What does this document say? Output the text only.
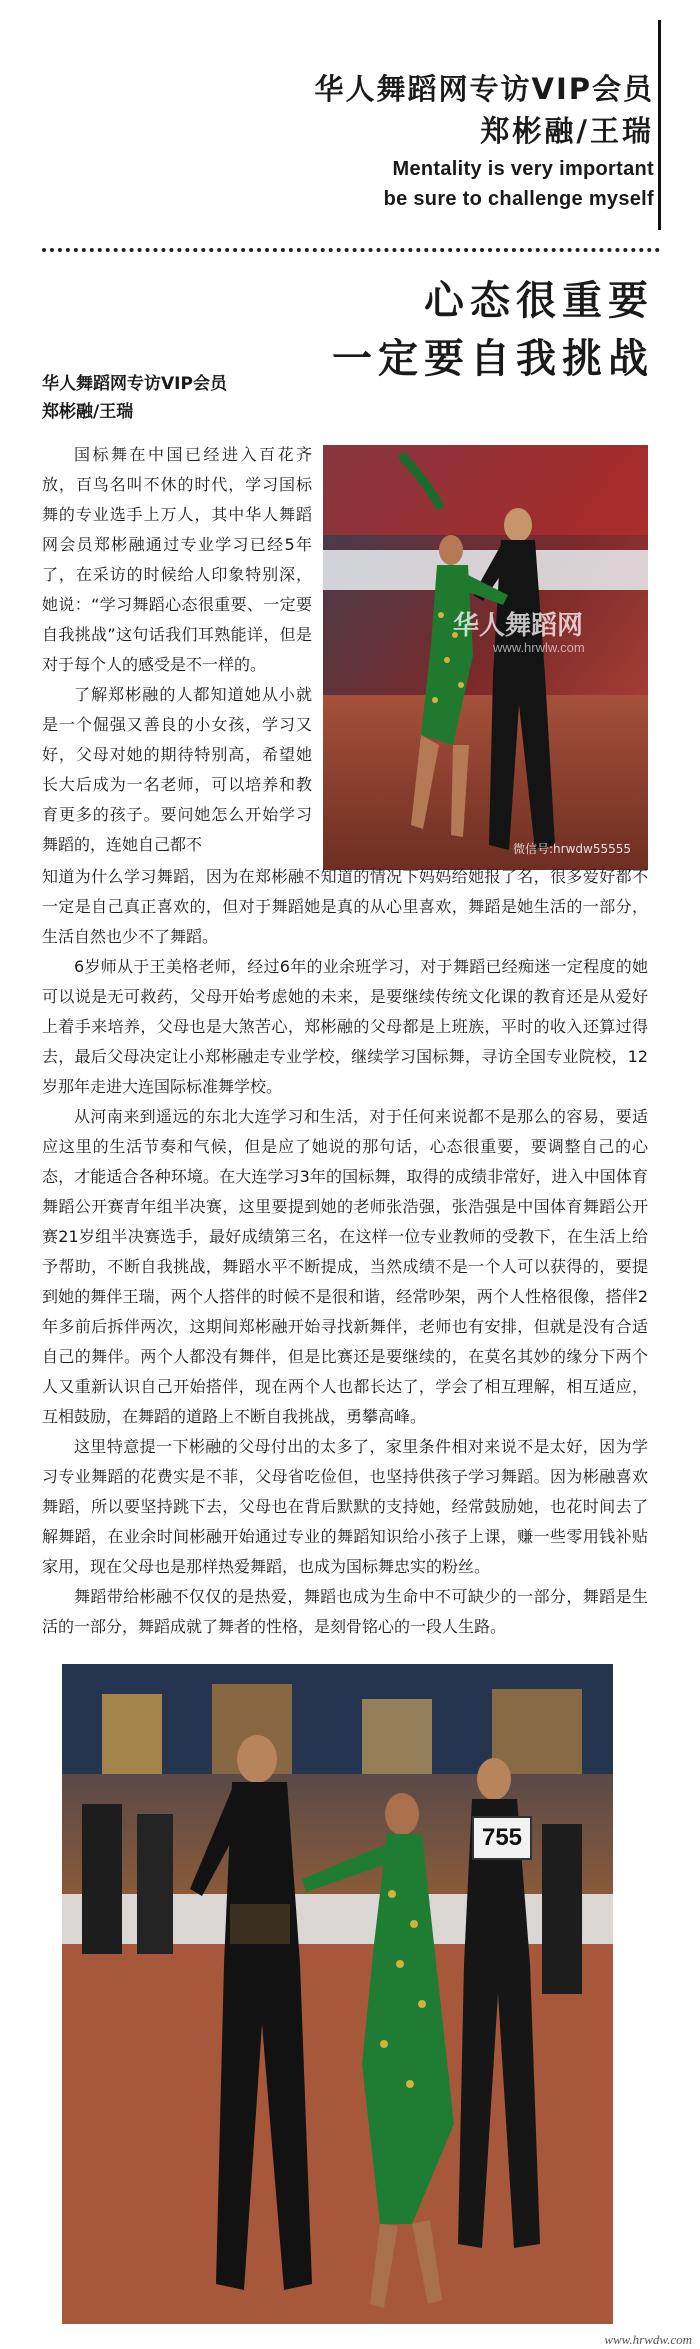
华人舞蹈网专访VIP会员
郑彬融/王瑞
Mentality is very important
be sure to challenge myself
心态很重要
一定要自我挑战
华人舞蹈网专访VIP会员
郑彬融/王瑞
华人舞蹈网
www.hrwlw.com
微信号:hrwdw55555

国标舞在中国已经进入百花齐放，百鸟名叫不休的时代，学习国标舞的专业选手上万人，其中华人舞蹈网会员郑彬融通过专业学习已经5年了，在采访的时候给人印象特别深，她说：“学习舞蹈心态很重要、一定要自我挑战”这句话我们耳熟能详，但是对于每个人的感受是不一样的。

了解郑彬融的人都知道她从小就是一个倔强又善良的小女孩，学习又好，父母对她的期待特别高，希望她长大后成为一名老师，可以培养和教育更多的孩子。要问她怎么开始学习舞蹈的，连她自己都不

知道为什么学习舞蹈，因为在郑彬融不知道的情况下妈妈给她报了名，很多爱好都不一定是自己真正喜欢的，但对于舞蹈她是真的从心里喜欢，舞蹈是她生活的一部分，生活自然也少不了舞蹈。

6岁师从于王美格老师，经过6年的业余班学习，对于舞蹈已经痴迷一定程度的她可以说是无可救药，父母开始考虑她的未来，是要继续传统文化课的教育还是从爱好上着手来培养，父母也是大煞苦心，郑彬融的父母都是上班族，平时的收入还算过得去，最后父母决定让小郑彬融走专业学校，继续学习国标舞，寻访全国专业院校，12岁那年走进大连国际标准舞学校。

从河南来到遥远的东北大连学习和生活，对于任何来说都不是那么的容易，要适应这里的生活节奏和气候，但是应了她说的那句话，心态很重要，要调整自己的心态，才能适合各种环境。在大连学习3年的国标舞，取得的成绩非常好，进入中国体育舞蹈公开赛青年组半决赛，这里要提到她的老师张浩强，张浩强是中国体育舞蹈公开赛21岁组半决赛选手，最好成绩第三名，在这样一位专业教师的受教下，在生活上给予帮助，不断自我挑战，舞蹈水平不断提成，当然成绩不是一个人可以获得的，要提到她的舞伴王瑞，两个人搭伴的时候不是很和谐，经常吵架，两个人性格很像，搭伴2年多前后拆伴两次，这期间郑彬融开始寻找新舞伴，老师也有安排，但就是没有合适自己的舞伴。两个人都没有舞伴，但是比赛还是要继续的，在莫名其妙的缘分下两个人又重新认识自己开始搭伴，现在两个人也都长达了，学会了相互理解，相互适应，互相鼓励，在舞蹈的道路上不断自我挑战，勇攀高峰。

这里特意提一下彬融的父母付出的太多了，家里条件相对来说不是太好，因为学习专业舞蹈的花费实是不菲，父母省吃俭但，也坚持供孩子学习舞蹈。因为彬融喜欢舞蹈，所以要坚持跳下去，父母也在背后默默的支持她，经常鼓励她，也花时间去了解舞蹈，在业余时间彬融开始通过专业的舞蹈知识给小孩子上课，赚一些零用钱补贴家用，现在父母也是那样热爱舞蹈，也成为国标舞忠实的粉丝。

舞蹈带给彬融不仅仅的是热爱，舞蹈也成为生命中不可缺少的一部分，舞蹈是生活的一部分，舞蹈成就了舞者的性格，是刻骨铭心的一段人生路。

755
www.hrwdw.com
